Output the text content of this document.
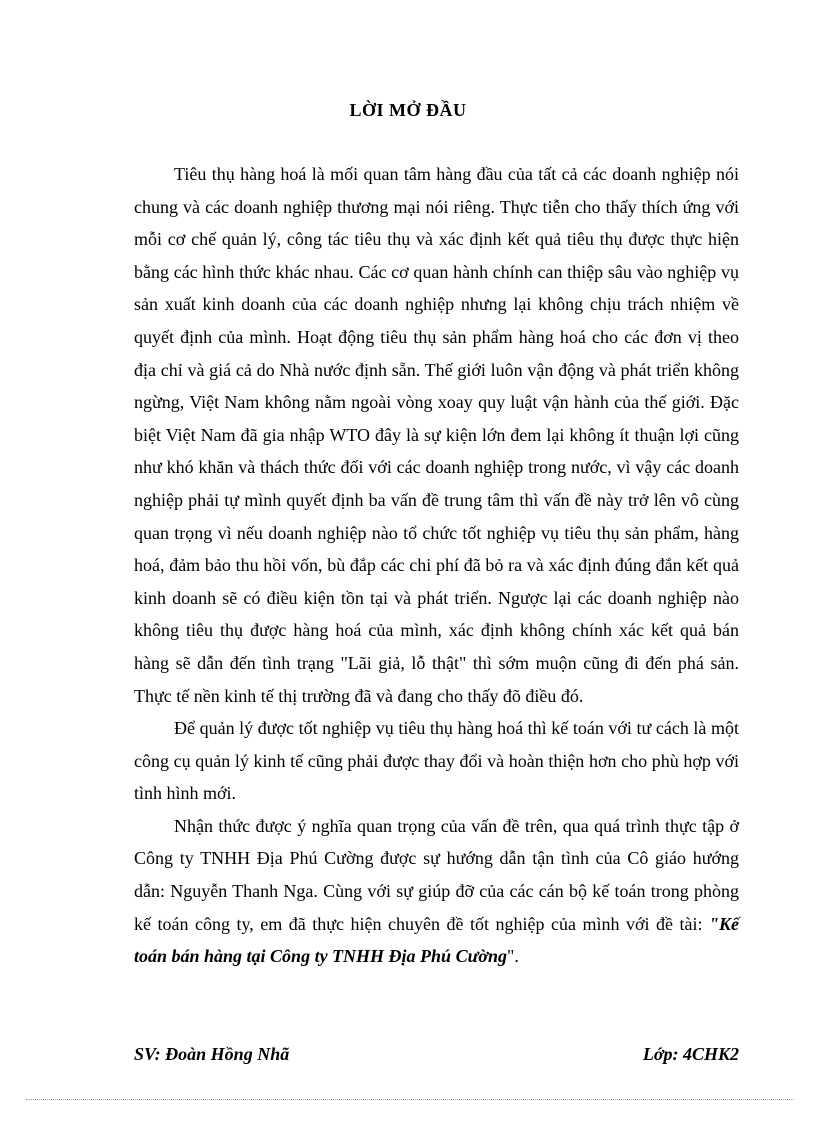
LỜI MỞ ĐẦU

Tiêu thụ hàng hoá là mối quan tâm hàng đầu của tất cả các doanh nghiệp nói chung và các doanh nghiệp thương mại nói riêng. Thực tiễn cho thấy thích ứng với mỗi cơ chế quản lý, công tác tiêu thụ và xác định kết quả tiêu thụ được thực hiện bằng các hình thức khác nhau. Các cơ quan hành chính can thiệp sâu vào nghiệp vụ sản xuất kinh doanh của các doanh nghiệp nhưng lại không chịu trách nhiệm về quyết định của mình. Hoạt động tiêu thụ sản phẩm hàng hoá cho các đơn vị theo địa chỉ và giá cả do Nhà nước định sẵn. Thế giới luôn vận động và phát triển không ngừng, Việt Nam không nằm ngoài vòng xoay quy luật vận hành của thế giới. Đặc biệt Việt Nam đã gia nhập WTO đây là sự kiện lớn đem lại không ít thuận lợi cũng như khó khăn và thách thức đối với các doanh nghiệp trong nước, vì vậy các doanh nghiệp phải tự mình quyết định ba vấn đề trung tâm thì vấn đề này trở lên vô cùng quan trọng vì nếu doanh nghiệp nào tổ chức tốt nghiệp vụ tiêu thụ sản phẩm, hàng hoá, đảm bảo thu hồi vốn, bù đắp các chi phí đã bỏ ra và xác định đúng đắn kết quả kinh doanh sẽ có điều kiện tồn tại và phát triển. Ngược lại các doanh nghiệp nào không tiêu thụ được hàng hoá của mình, xác định không chính xác kết quả bán hàng sẽ dẫn đến tình trạng "Lãi giả, lỗ thật" thì sớm muộn cũng đi đến phá sản. Thực tế nền kinh tế thị trường đã và đang cho thấy đõ điều đó.

Để quản lý được tốt nghiệp vụ tiêu thụ hàng hoá thì kế toán với tư cách là một công cụ quản lý kinh tế cũng phải được thay đổi và hoàn thiện hơn cho phù hợp với tình hình mới.

Nhận thức được ý nghĩa quan trọng của vấn đề trên, qua quá trình thực tập ở Công ty TNHH Địa Phú Cường được sự hướng dẫn tận tình của Cô giáo hướng dẫn: Nguyễn Thanh Nga. Cùng với sự giúp đỡ của các cán bộ kế toán trong phòng kế toán công ty, em đã thực hiện chuyên đề tốt nghiệp của mình với đề tài: "Kế toán bán hàng tại Công ty TNHH Địa Phú Cường".

SV: Đoàn Hồng Nhã	Lớp: 4CHK2
